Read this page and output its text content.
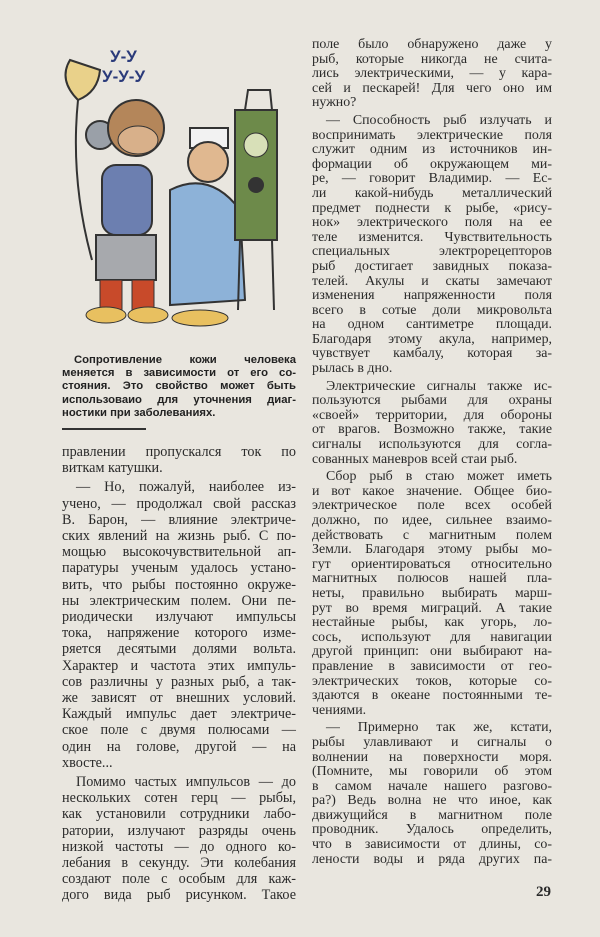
У-У
У-У-У
Сопротивление кожи человека
меняется в зависимости от его со-
стояния. Это свойство может быть
использоваио для уточнения диаг-
ностики при заболеваниях.
правлении пропускался ток по
виткам катушки.
— Но, пожалуй, наиболее из-
учено, — продолжал свой рассказ
В. Барон, — влияние электриче-
ских явлений на жизнь рыб. С по-
мощью высокочувствительной ап-
паратуры ученым удалось устано-
вить, что рыбы постоянно окруже-
ны электрическим полем. Они пе-
риодически излучают импульсы
тока, напряжение которого изме-
ряется десятыми долями вольта.
Характер и частота этих импуль-
сов различны у разных рыб, а так-
же зависят от внешних условий.
Каждый импульс дает электриче-
ское поле с двумя полюсами —
один на голове, другой — на
хвосте...
Помимо частых импульсов — до
нескольких сотен герц — рыбы,
как установили сотрудники лабо-
ратории, излучают разряды очень
низкой частоты — до одного ко-
лебания в секунду. Эти колебания
создают поле с особым для каж-
дого вида рыб рисунком. Такое
поле было обнаружено даже у
рыб, которые никогда не счита-
лись электрическими, — у кара-
сей и пескарей! Для чего оно им
нужно?
— Способность рыб излучать и
воспринимать электрические поля
служит одним из источников ин-
формации об окружающем ми-
ре, — говорит Владимир. — Ес-
ли какой-нибудь металлический
предмет поднести к рыбе, «рису-
нок» электрического поля на ее
теле изменится. Чувствительность
специальных электрорецепторов
рыб достигает завидных показа-
телей. Акулы и скаты замечают
изменения напряженности поля
всего в сотые доли микровольта
на одном сантиметре площади.
Благодаря этому акула, например,
чувствует камбалу, которая за-
рылась в дно.
Электрические сигналы также ис-
пользуются рыбами для охраны
«своей» территории, для обороны
от врагов. Возможно также, такие
сигналы используются для согла-
сованных маневров всей стаи рыб.
Сбор рыб в стаю может иметь
и вот какое значение. Общее био-
электрическое поле всех особей
должно, по идее, сильнее взаимо-
действовать с магнитным полем
Земли. Благодаря этому рыбы мо-
гут ориентироваться относительно
магнитных полюсов нашей пла-
неты, правильно выбирать марш-
рут во время миграций. А такие
нестайные рыбы, как угорь, ло-
сось, используют для навигации
другой принцип: они выбирают на-
правление в зависимости от гео-
электрических токов, которые со-
здаются в океане постоянными те-
чениями.
— Примерно так же, кстати,
рыбы улавливают и сигналы о
волнении на поверхности моря.
(Помните, мы говорили об этом
в самом начале нашего разгово-
ра?) Ведь волна не что иное, как
движущийся в магнитном поле
проводник. Удалось определить,
что в зависимости от длины, со-
лености воды и ряда других па-
29
